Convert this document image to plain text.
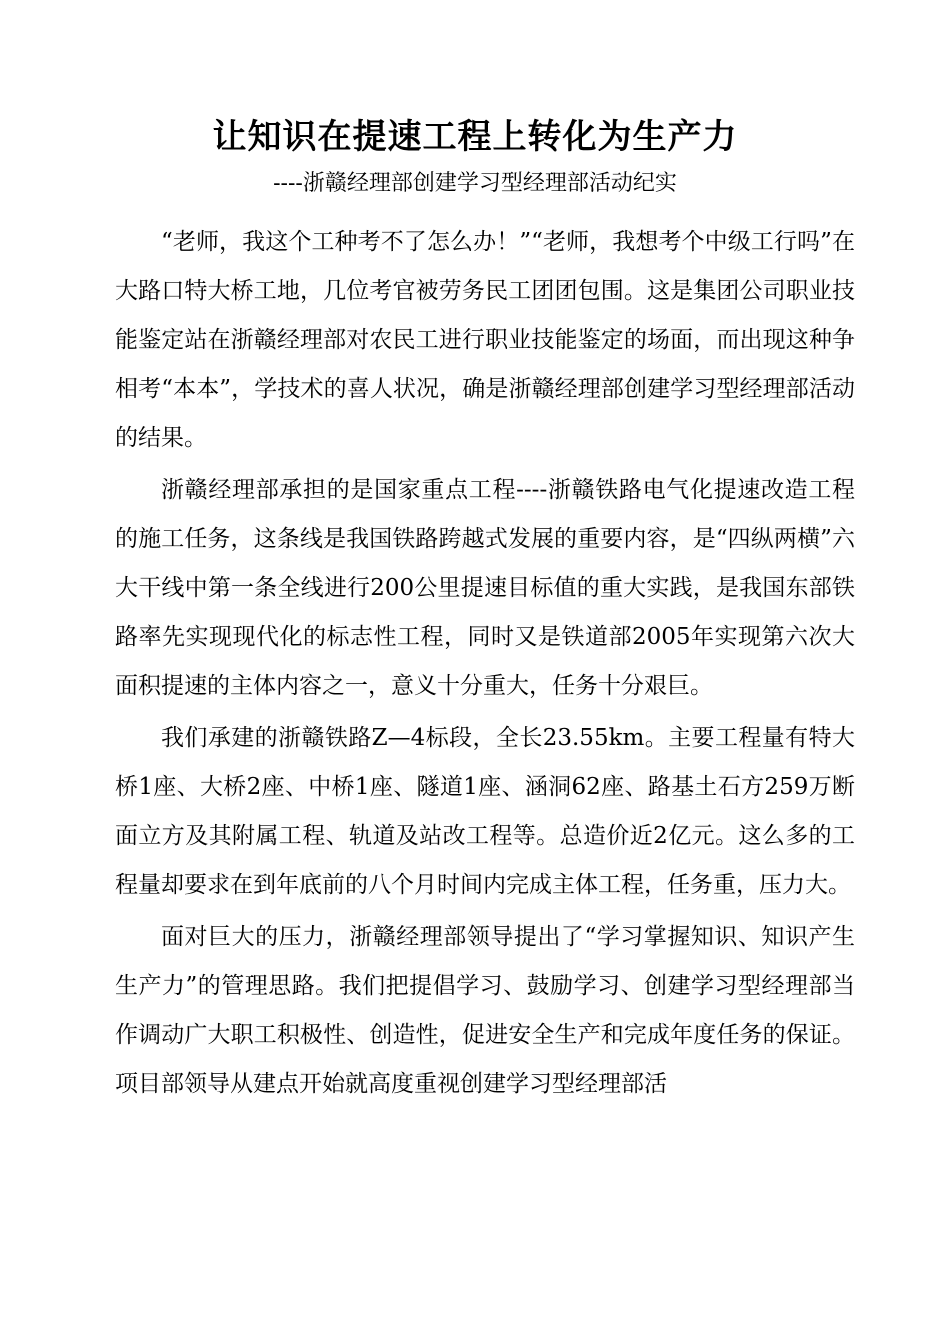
让知识在提速工程上转化为生产力
----浙赣经理部创建学习型经理部活动纪实

“老师，我这个工种考不了怎么办！”“老师，我想考个中级工行吗”在大路口特大桥工地，几位考官被劳务民工团团包围。这是集团公司职业技能鉴定站在浙赣经理部对农民工进行职业技能鉴定的场面，而出现这种争相考“本本”，学技术的喜人状况，确是浙赣经理部创建学习型经理部活动的结果。

浙赣经理部承担的是国家重点工程----浙赣铁路电气化提速改造工程的施工任务，这条线是我国铁路跨越式发展的重要内容，是“四纵两横”六大干线中第一条全线进行200公里提速目标值的重大实践，是我国东部铁路率先实现现代化的标志性工程，同时又是铁道部2005年实现第六次大面积提速的主体内容之一，意义十分重大，任务十分艰巨。

我们承建的浙赣铁路Z—4标段，全长23.55km。主要工程量有特大桥1座、大桥2座、中桥1座、隧道1座、涵洞62座、路基土石方259万断面立方及其附属工程、轨道及站改工程等。总造价近2亿元。这么多的工程量却要求在到年底前的八个月时间内完成主体工程，任务重，压力大。

面对巨大的压力，浙赣经理部领导提出了“学习掌握知识、知识产生生产力”的管理思路。我们把提倡学习、鼓励学习、创建学习型经理部当作调动广大职工积极性、创造性，促进安全生产和完成年度任务的保证。项目部领导从建点开始就高度重视创建学习型经理部活
